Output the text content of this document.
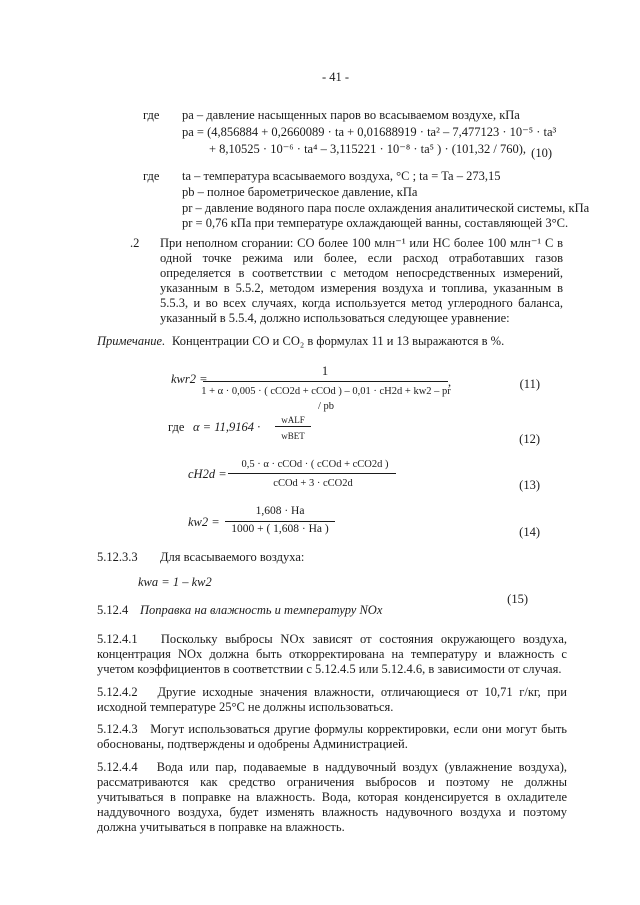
- 41 -
где pa – давление насыщенных паров во всасываемом воздухе, кПа
pa = (4,856884 + 0,2660089 · ta + 0,01688919 · ta² – 7,477123 · 10⁻⁵ · ta³
+ 8,10525 · 10⁻⁶ · ta⁴ – 3,115221 · 10⁻⁸ · ta⁵ ) · (101,32 / 760), (10)
где ta – температура всасываемого воздуха, °C ; ta = Ta – 273,15
pb – полное барометрическое давление, кПа
pr – давление водяного пара после охлаждения аналитической системы, кПа
pr = 0,76 кПа при температуре охлаждающей ванны, составляющей 3°C.
.2 При неполном сгорании: CO более 100 млн⁻¹ или HC более 100 млн⁻¹ C в одной точке режима или более, если расход отработавших газов определяется в соответствии с методом непосредственных измерений, указанным в 5.5.2, методом измерения воздуха и топлива, указанным в 5.5.3, и во всех случаях, когда используется метод углеродного баланса, указанный в 5.5.4, должно использоваться следующее уравнение:
Примечание. Концентрации CO и CO₂ в формулах 11 и 13 выражаются в %.
kwr2 =
1
1 + α · 0,005 · ( cCO2d + cCOd ) – 0,01 · cH2d + kw2 – pr / pb
,	(11)
где α = 11,9164 ·	wALF
wBET	(12)
cH2d =
0,5 · α · cCOd · ( cCOd + cCO2d )
cCOd + 3 · cCO2d	(13)
kw2 =
1,608 · Ha
1000 + ( 1,608 · Ha )	(14)
5.12.3.3 Для всасываемого воздуха:
kwa = 1 – kw2
(15)
5.12.4 Поправка на влажность и температуру NOx
5.12.4.1 Поскольку выбросы NOx зависят от состояния окружающего воздуха, концентрация NOx должна быть откорректирована на температуру и влажность с учетом коэффициентов в соответствии с 5.12.4.5 или 5.12.4.6, в зависимости от случая.
5.12.4.2 Другие исходные значения влажности, отличающиеся от 10,71 г/кг, при исходной температуре 25°C не должны использоваться.
5.12.4.3 Могут использоваться другие формулы корректировки, если они могут быть обоснованы, подтверждены и одобрены Администрацией.
5.12.4.4 Вода или пар, подаваемые в наддувочный воздух (увлажнение воздуха), рассматриваются как средство ограничения выбросов и поэтому не должны учитываться в поправке на влажность. Вода, которая конденсируется в охладителе наддувочного воздуха, будет изменять влажность надувочного воздуха и поэтому должна учитываться в поправке на влажность.
